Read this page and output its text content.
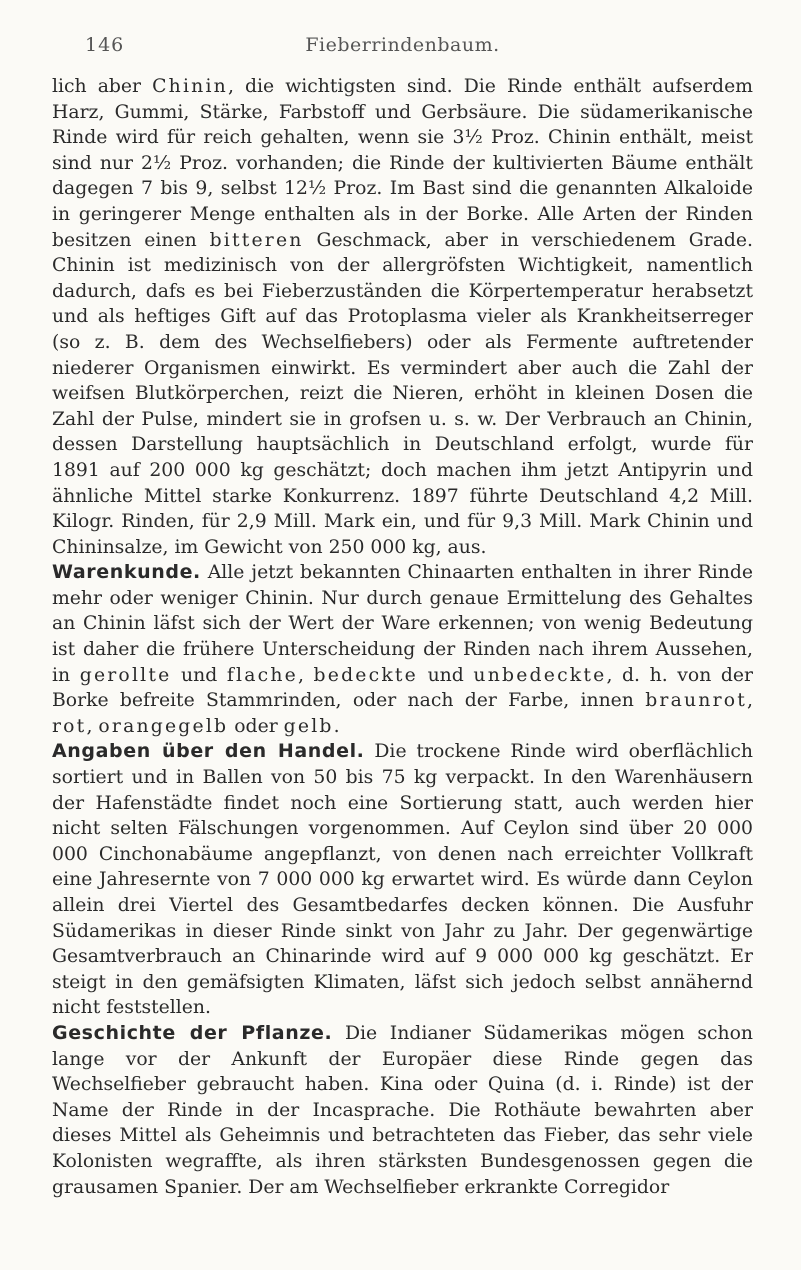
146	Fieberrindenbaum.

lich aber Chinin, die wichtigsten sind. Die Rinde enthält aufserdem Harz, Gummi, Stärke, Farbstoff und Gerbsäure. Die südamerikanische Rinde wird für reich gehalten, wenn sie 3½ Proz. Chinin enthält, meist sind nur 2½ Proz. vorhanden; die Rinde der kultivierten Bäume enthält dagegen 7 bis 9, selbst 12½ Proz. Im Bast sind die genannten Alkaloide in geringerer Menge enthalten als in der Borke. Alle Arten der Rinden besitzen einen bitteren Geschmack, aber in verschiedenem Grade. Chinin ist medizinisch von der allergröfsten Wichtigkeit, namentlich dadurch, dafs es bei Fieberzuständen die Körpertemperatur herabsetzt und als heftiges Gift auf das Protoplasma vieler als Krankheitserreger (so z. B. dem des Wechselfiebers) oder als Fermente auftretender niederer Organismen einwirkt. Es vermindert aber auch die Zahl der weifsen Blutkörperchen, reizt die Nieren, erhöht in kleinen Dosen die Zahl der Pulse, mindert sie in grofsen u. s. w. Der Verbrauch an Chinin, dessen Darstellung hauptsächlich in Deutschland erfolgt, wurde für 1891 auf 200 000 kg geschätzt; doch machen ihm jetzt Antipyrin und ähnliche Mittel starke Konkurrenz. 1897 führte Deutschland 4,2 Mill. Kilogr. Rinden, für 2,9 Mill. Mark ein, und für 9,3 Mill. Mark Chinin und Chininsalze, im Gewicht von 250 000 kg, aus.

Warenkunde. Alle jetzt bekannten Chinaarten enthalten in ihrer Rinde mehr oder weniger Chinin. Nur durch genaue Ermittelung des Gehaltes an Chinin läfst sich der Wert der Ware erkennen; von wenig Bedeutung ist daher die frühere Unterscheidung der Rinden nach ihrem Aussehen, in gerollte und flache, bedeckte und unbedeckte, d. h. von der Borke befreite Stammrinden, oder nach der Farbe, innen braunrot, rot, orangegelb oder gelb.

Angaben über den Handel. Die trockene Rinde wird oberflächlich sortiert und in Ballen von 50 bis 75 kg verpackt. In den Warenhäusern der Hafenstädte findet noch eine Sortierung statt, auch werden hier nicht selten Fälschungen vorgenommen. Auf Ceylon sind über 20 000 000 Cinchonabäume angepflanzt, von denen nach erreichter Vollkraft eine Jahresernte von 7 000 000 kg erwartet wird. Es würde dann Ceylon allein drei Viertel des Gesamtbedarfes decken können. Die Ausfuhr Südamerikas in dieser Rinde sinkt von Jahr zu Jahr. Der gegenwärtige Gesamtverbrauch an Chinarinde wird auf 9 000 000 kg geschätzt. Er steigt in den gemäfsigten Klimaten, läfst sich jedoch selbst annähernd nicht feststellen.

Geschichte der Pflanze. Die Indianer Südamerikas mögen schon lange vor der Ankunft der Europäer diese Rinde gegen das Wechselfieber gebraucht haben. Kina oder Quina (d. i. Rinde) ist der Name der Rinde in der Incasprache. Die Rothäute bewahrten aber dieses Mittel als Geheimnis und betrachteten das Fieber, das sehr viele Kolonisten wegraffte, als ihren stärksten Bundesgenossen gegen die grausamen Spanier. Der am Wechselfieber erkrankte Corregidor
